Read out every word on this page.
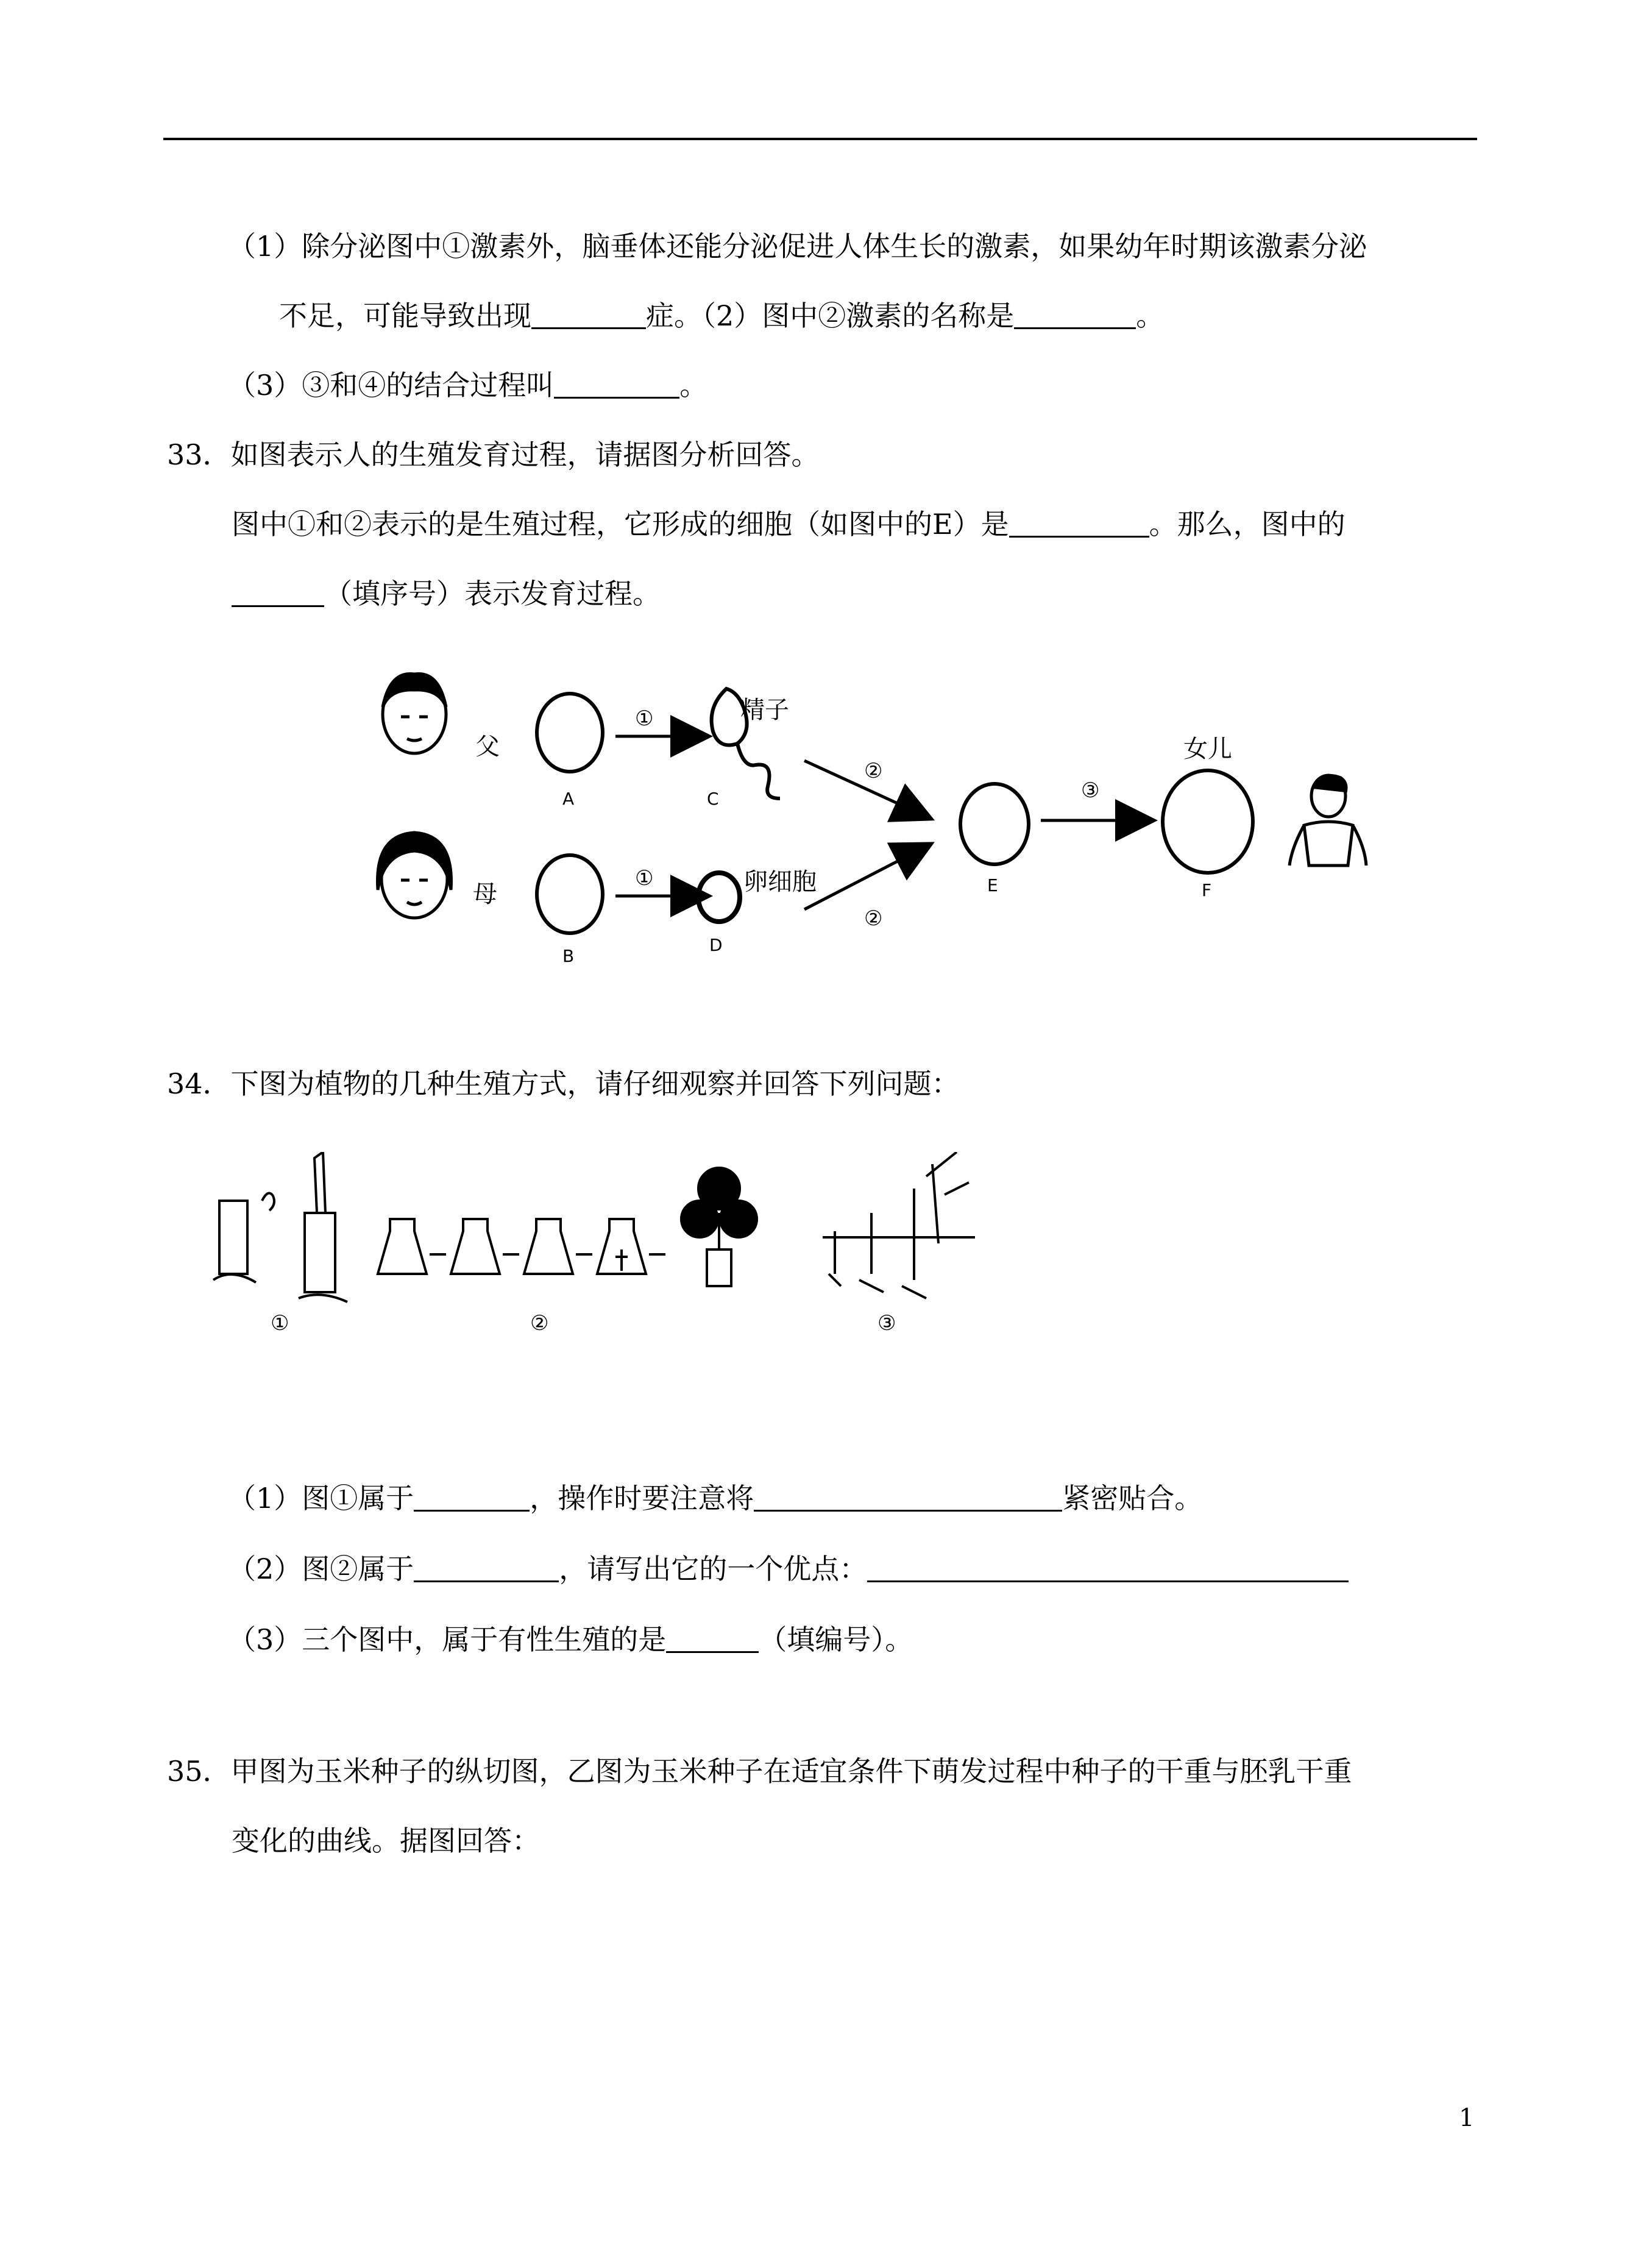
（1）除分泌图中①激素外，脑垂体还能分泌促进人体生长的激素，如果幼年时期该激素分泌
不足，可能导致出现	症。（2）图中②激素的名称是	。
（3）③和④的结合过程叫	。
33．如图表示人的生殖发育过程，请据图分析回答。
图中①和②表示的是生殖过程，它形成的细胞（如图中的E）是	。那么，图中的
（填序号）表示发育过程。
父
母
A
B
①
①
精子
C
卵细胞
D
②
②
E
③
女儿
F
34．下图为植物的几种生殖方式，请仔细观察并回答下列问题：
①	②	③
（1）图①属于	，操作时要注意将	紧密贴合。
（2）图②属于	，请写出它的一个优点：
（3）三个图中，属于有性生殖的是	（填编号）。
35．甲图为玉米种子的纵切图，乙图为玉米种子在适宜条件下萌发过程中种子的干重与胚乳干重
变化的曲线。据图回答：
1
